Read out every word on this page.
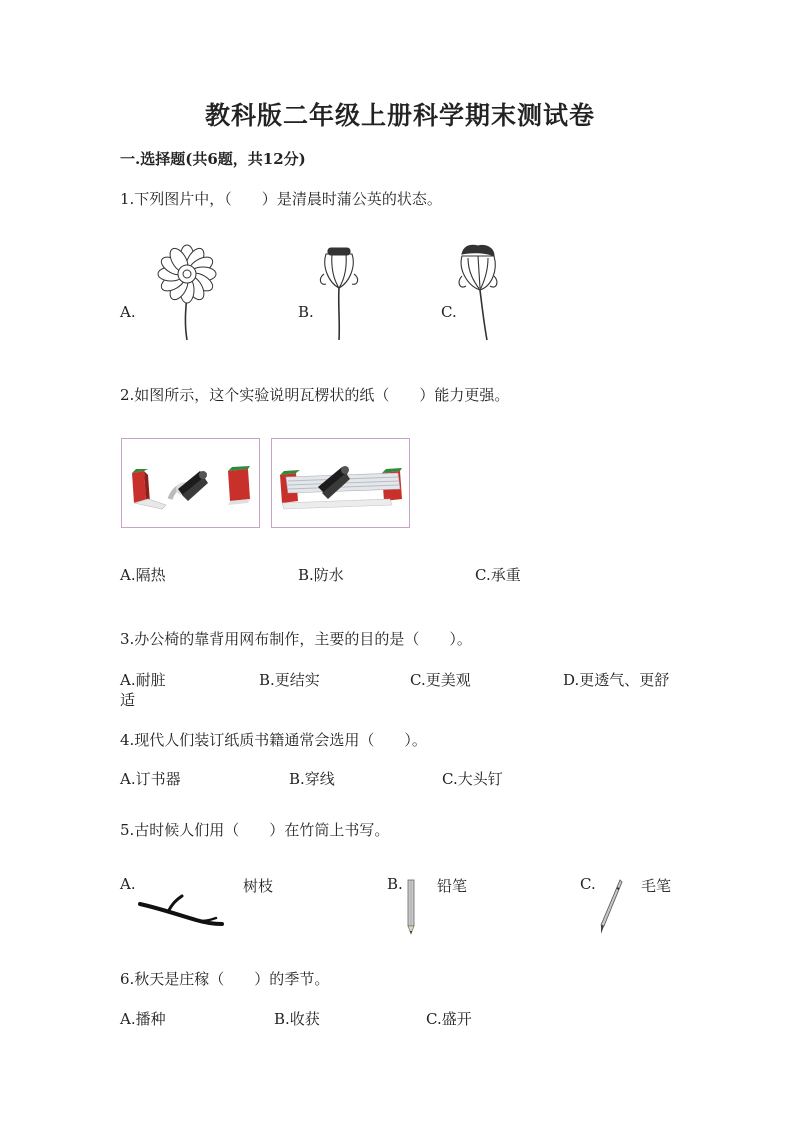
教科版二年级上册科学期末测试卷
一.选择题(共6题，共12分)
1.下列图片中，（　　）是清晨时蒲公英的状态。
A.	B.	C.
2.如图所示，这个实验说明瓦楞状的纸（　　）能力更强。
A.隔热	B.防水	C.承重
3.办公椅的靠背用网布制作，主要的目的是（　　）。
A.耐脏	B.更结实	C.更美观	D.更透气、更舒
适
4.现代人们装订纸质书籍通常会选用（　　）。
A.订书器	B.穿线	C.大头钉
5.古时候人们用（　　）在竹筒上书写。
A.	树枝	B. 铅笔	C.	毛笔
6.秋天是庄稼（　　）的季节。
A.播种	B.收获	C.盛开
